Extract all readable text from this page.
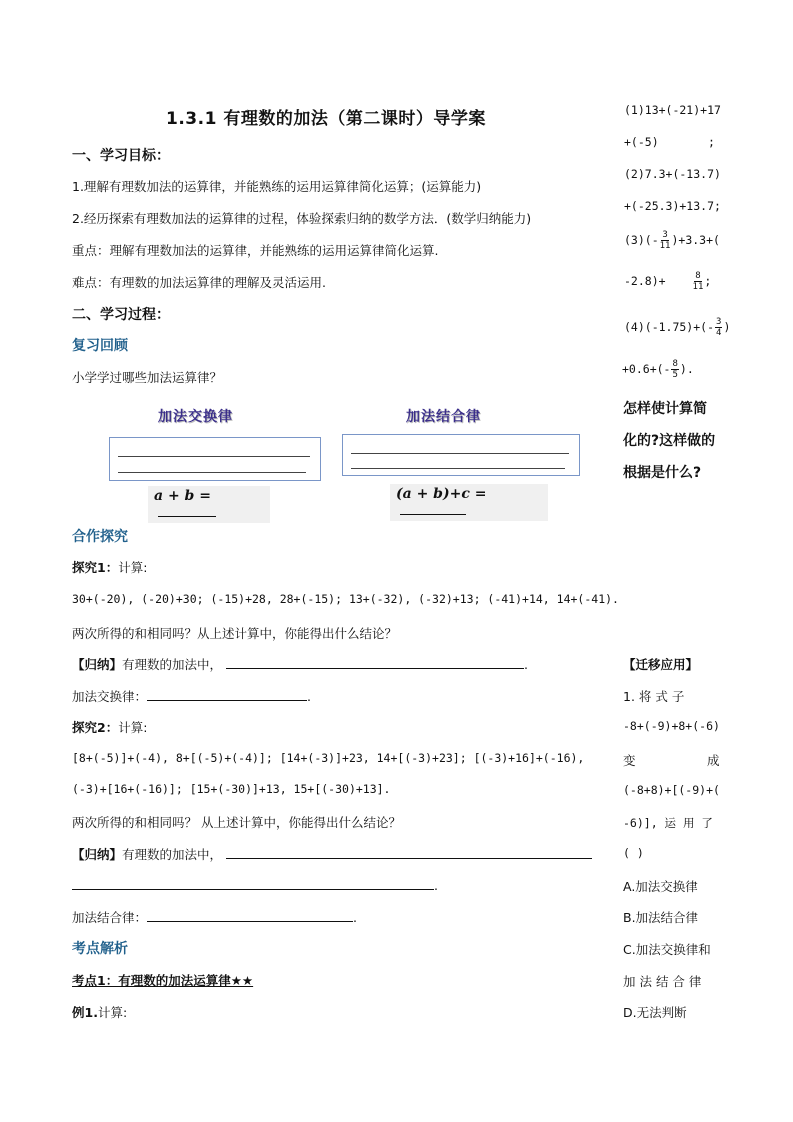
1.3.1 有理数的加法（第二课时）导学案
一、学习目标：
1.理解有理数加法的运算律，并能熟练的运用运算律简化运算；(运算能力)
2.经历探索有理数加法的运算律的过程，体验探索归纳的数学方法．(数学归纳能力)
重点：理解有理数加法的运算律，并能熟练的运用运算律简化运算.
难点：有理数的加法运算律的理解及灵活运用.
二、学习过程：
复习回顾
小学学过哪些加法运算律？
加法交换律
a + b =
加法结合律
(a + b)+c =
合作探究
探究1：计算:
30+(-20), (-20)+30; (-15)+28, 28+(-15); 13+(-32), (-32)+13; (-41)+14, 14+(-41).
两次所得的和相同吗？从上述计算中，你能得出什么结论？
【归纳】有理数的加法中，	.
加法交换律：	.
探究2：计算:
[8+(-5)]+(-4), 8+[(-5)+(-4)]; [14+(-3)]+23, 14+[(-3)+23]; [(-3)+16]+(-16),
(-3)+[16+(-16)]; [15+(-30)]+13, 15+[(-30)+13].
两次所得的和相同吗？ 从上述计算中，你能得出什么结论？
【归纳】有理数的加法中，
.
加法结合律：	.
考点解析
考点1：有理数的加法运算律★★
例1.计算:
(1)13+(-21)+17
+(-5)	;
(2)7.3+(-13.7)
+(-25.3)+13.7;
$(3)(- \frac{3}{11} )+3.3+$(
-2.8)+	$\frac{8}{11}$ ;
$(4)(-1.75)+(- \frac{3}{4}$ )
$+0.6+(- \frac{8}{5}$ ).
怎样使计算简
化的?这样做的
根据是什么?
【迁移应用】
1. 将 式 子
-8+(-9)+8+(-6)
变	成
(-8+8)+[(-9)+(
-6)], 运 用 了
( )
A.加法交换律
B.加法结合律
C.加法交换律和
加 法 结 合 律
D.无法判断
